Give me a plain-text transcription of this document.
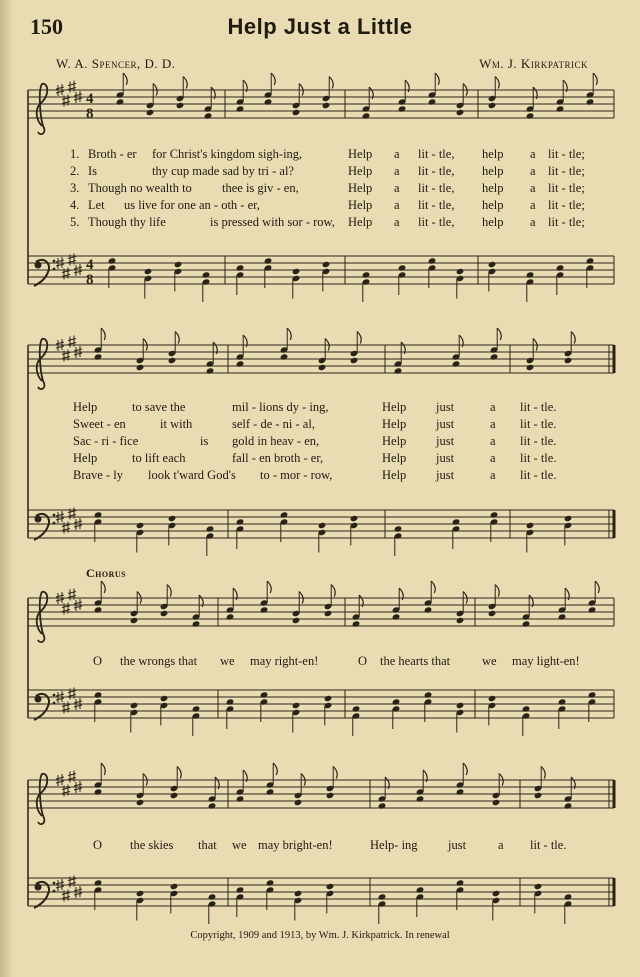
150	Help Just a Little
W. A. Spencer, D. D.	Wm. J. Kirkpatrick
4
8
4
8
1. Broth - er for Christ's kingdom sigh-ing,	Help a lit - tle, help a lit - tle;
2. Is	thy cup made sad by tri - al?	Help a lit - tle, help a lit - tle;
3. Though no wealth to thee is giv - en,	Help a lit - tle, help a lit - tle;
4. Let us live for one an - oth - er,	Help a lit - tle, help a lit - tle;
5. Though thy life	is pressed with sor - row, Help a lit - tle, help a lit - tle;
Help	to save the	mil - lions dy - ing,	Help just	a lit - tle.
Sweet - en	it with	self - de - ni - al,	Help just	a lit - tle.
Sac - ri - fice	is gold in heav - en,	Help just	a lit - tle.
Help	to lift each	fall - en broth - er,	Help just	a lit - tle.
Brave - ly look t'ward God's to - mor - row,	Help just	a lit - tle.
Chorus
O the wrongs that we may right-en!	O the hearts that	we may light-en!
O the skies that we may bright-en!	Help- ing just	a lit - tle.
Copyright, 1909 and 1913, by Wm. J. Kirkpatrick. In renewal
